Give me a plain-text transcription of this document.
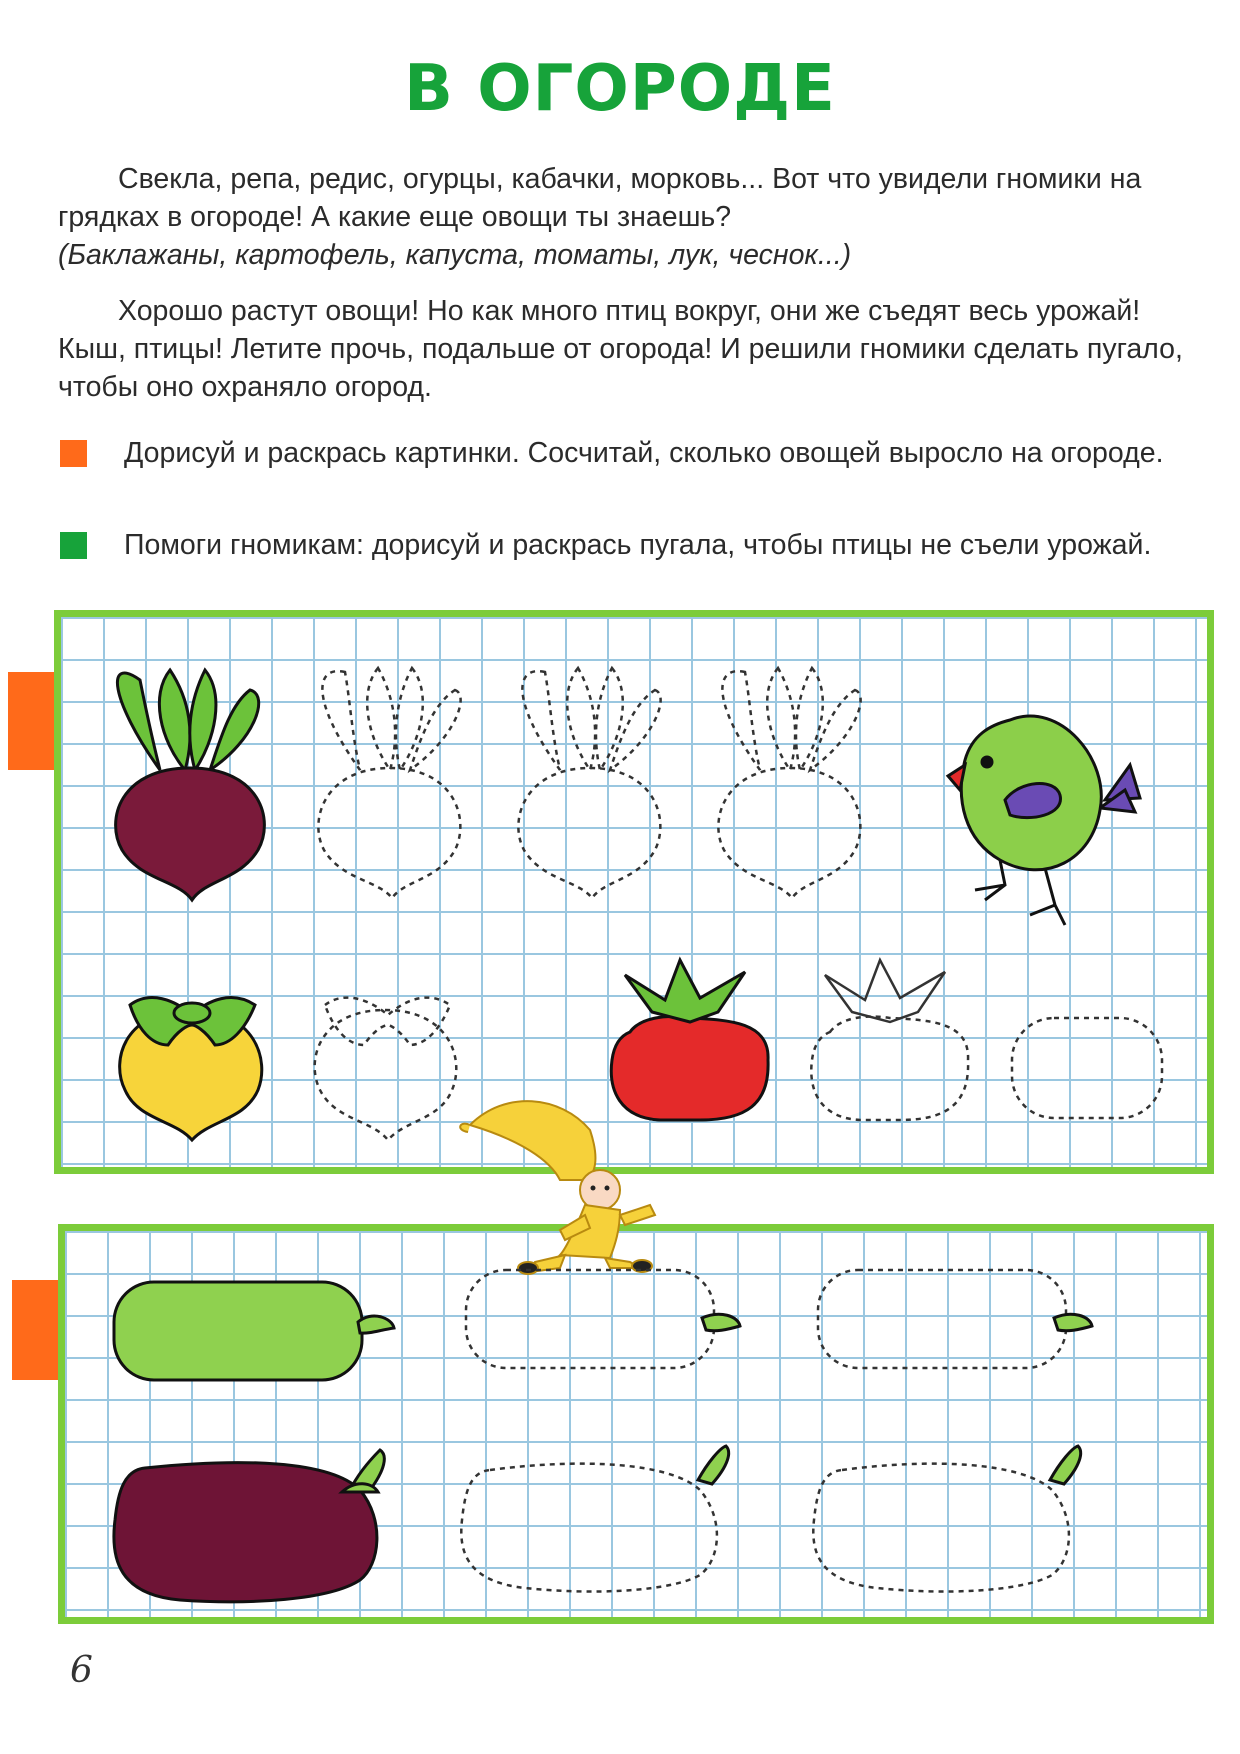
В ОГОРОДЕ

Свекла, репа, редис, огурцы, кабачки, морковь... Вот что увидели гномики на грядках в огороде! А какие еще овощи ты знаешь?

(Баклажаны, картофель, капуста, томаты, лук, чеснок...)

Хорошо растут овощи! Но как много птиц вокруг, они же съедят весь урожай! Кыш, птицы! Летите прочь, подальше от огорода! И решили гномики сделать пугало, чтобы оно охраняло огород.

Дорисуй и раскрась картинки. Сосчитай, сколько овощей выросло на огороде.
Помоги гномикам: дорисуй и раскрась пугала, чтобы птицы не съели урожай.
6
